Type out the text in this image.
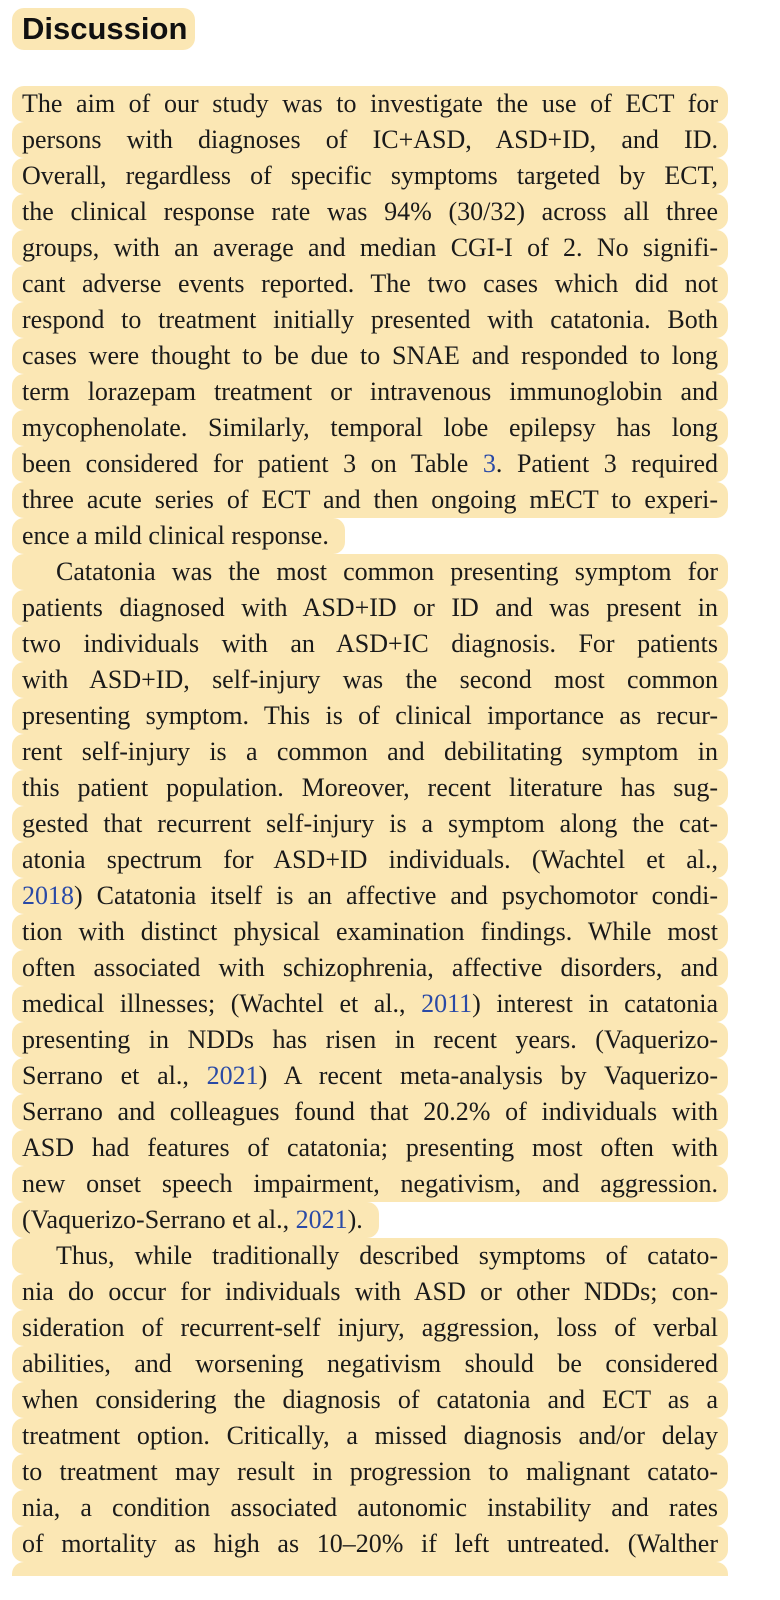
Discussion
The aim of our study was to investigate the use of ECT for
persons with diagnoses of IC+ASD, ASD+ID, and ID.
Overall, regardless of specific symptoms targeted by ECT,
the clinical response rate was 94% (30/32) across all three
groups, with an average and median CGI-I of 2. No signifi-
cant adverse events reported. The two cases which did not
respond to treatment initially presented with catatonia. Both
cases were thought to be due to SNAE and responded to long
term lorazepam treatment or intravenous immunoglobin and
mycophenolate. Similarly, temporal lobe epilepsy has long
been considered for patient 3 on Table 3. Patient 3 required
three acute series of ECT and then ongoing mECT to experi-
ence a mild clinical response.
Catatonia was the most common presenting symptom for
patients diagnosed with ASD+ID or ID and was present in
two individuals with an ASD+IC diagnosis. For patients
with ASD+ID, self-injury was the second most common
presenting symptom. This is of clinical importance as recur-
rent self-injury is a common and debilitating symptom in
this patient population. Moreover, recent literature has sug-
gested that recurrent self-injury is a symptom along the cat-
atonia spectrum for ASD+ID individuals. (Wachtel et al.,
2018) Catatonia itself is an affective and psychomotor condi-
tion with distinct physical examination findings. While most
often associated with schizophrenia, affective disorders, and
medical illnesses; (Wachtel et al., 2011) interest in catatonia
presenting in NDDs has risen in recent years. (Vaquerizo-
Serrano et al., 2021) A recent meta-analysis by Vaquerizo-
Serrano and colleagues found that 20.2% of individuals with
ASD had features of catatonia; presenting most often with
new onset speech impairment, negativism, and aggression.
(Vaquerizo-Serrano et al., 2021).
Thus, while traditionally described symptoms of catato-
nia do occur for individuals with ASD or other NDDs; con-
sideration of recurrent-self injury, aggression, loss of verbal
abilities, and worsening negativism should be considered
when considering the diagnosis of catatonia and ECT as a
treatment option. Critically, a missed diagnosis and/or delay
to treatment may result in progression to malignant catato-
nia, a condition associated autonomic instability and rates
of mortality as high as 10–20% if left untreated. (Walther
